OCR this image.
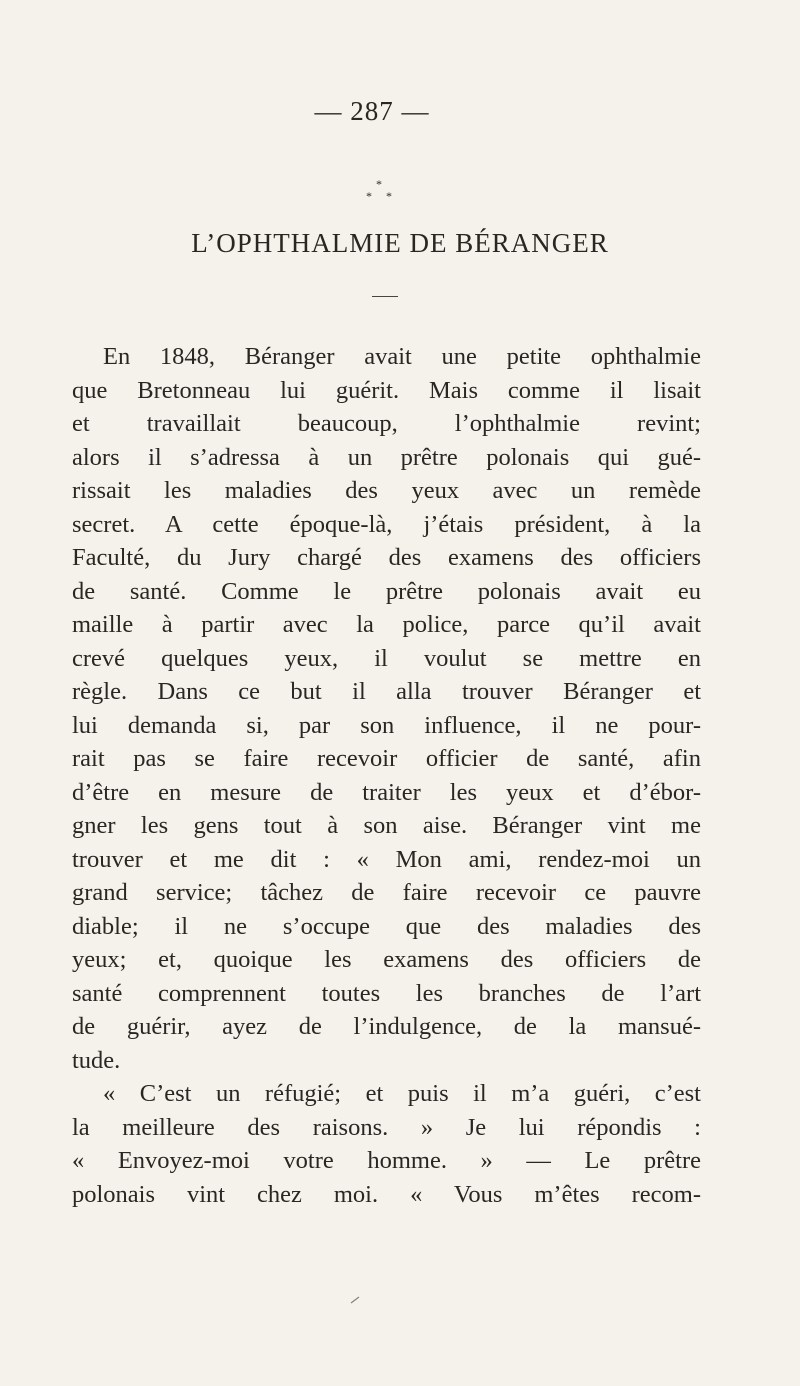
— 287 —
*
* *
L’OPHTHALMIE DE BÉRANGER
En 1848, Béranger avait une petite ophthalmie
que Bretonneau lui guérit. Mais comme il lisait
et travaillait beaucoup, l’ophthalmie revint;
alors il s’adressa à un prêtre polonais qui gué-
rissait les maladies des yeux avec un remède
secret. A cette époque-là, j’étais président, à la
Faculté, du Jury chargé des examens des officiers
de santé. Comme le prêtre polonais avait eu
maille à partir avec la police, parce qu’il avait
crevé quelques yeux, il voulut se mettre en
règle. Dans ce but il alla trouver Béranger et
lui demanda si, par son influence, il ne pour-
rait pas se faire recevoir officier de santé, afin
d’être en mesure de traiter les yeux et d’ébor-
gner les gens tout à son aise. Béranger vint me
trouver et me dit : « Mon ami, rendez-moi un
grand service; tâchez de faire recevoir ce pauvre
diable; il ne s’occupe que des maladies des
yeux; et, quoique les examens des officiers de
santé comprennent toutes les branches de l’art
de guérir, ayez de l’indulgence, de la mansué-
tude.
« C’est un réfugié; et puis il m’a guéri, c’est
la meilleure des raisons. » Je lui répondis :
« Envoyez-moi votre homme. » — Le prêtre
polonais vint chez moi. « Vous m’êtes recom-
